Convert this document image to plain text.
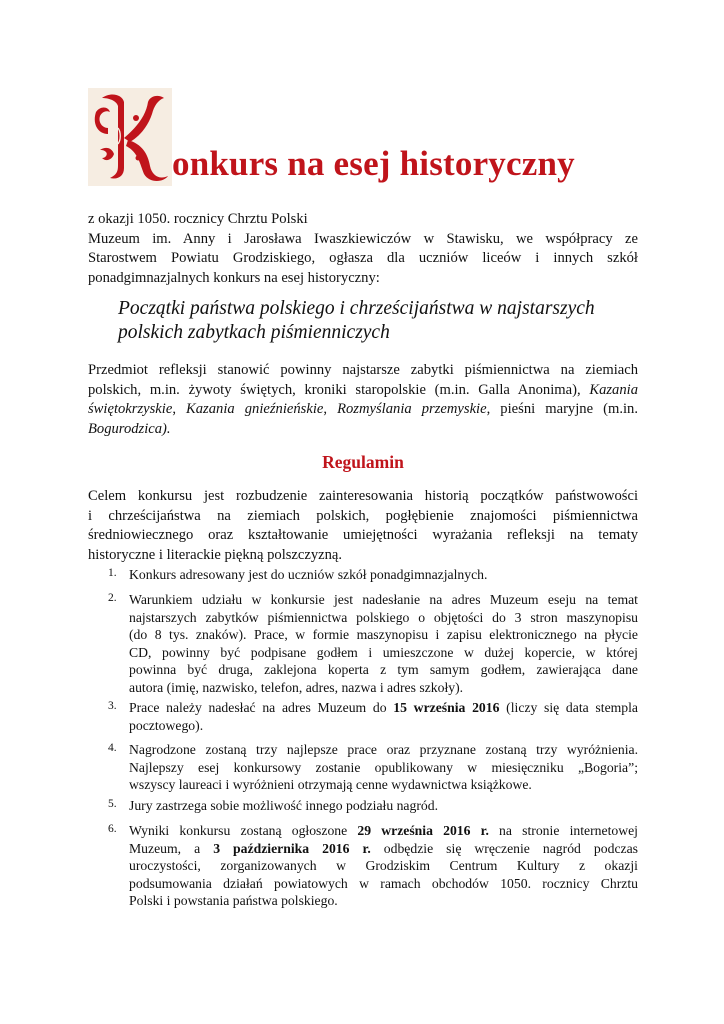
onkurs na esej historyczny
z okazji 1050. rocznicy Chrztu Polski
Muzeum im. Anny i Jarosława Iwaszkiewiczów w Stawisku, we współpracy ze
Starostwem Powiatu Grodziskiego, ogłasza dla uczniów liceów i innych szkół
ponadgimnazjalnych konkurs na esej historyczny:
Początki państwa polskiego i chrześcijaństwa w najstarszych
polskich zabytkach piśmienniczych
Przedmiot refleksji stanowić powinny najstarsze zabytki piśmiennictwa na ziemiach
polskich, m.in. żywoty świętych, kroniki staropolskie (m.in. Galla Anonima), Kazania
świętokrzyskie, Kazania gnieźnieńskie, Rozmyślania przemyskie, pieśni maryjne (m.in.
Bogurodzica).
Regulamin
Celem konkursu jest rozbudzenie zainteresowania historią początków państwowości
i chrześcijaństwa na ziemiach polskich, pogłębienie znajomości piśmiennictwa
średniowiecznego oraz kształtowanie umiejętności wyrażania refleksji na tematy
historyczne i literackie piękną polszczyzną.
1. Konkurs adresowany jest do uczniów szkół ponadgimnazjalnych.
2. Warunkiem udziału w konkursie jest nadesłanie na adres Muzeum eseju na temat
najstarszych zabytków piśmiennictwa polskiego o objętości do 3 stron maszynopisu
(do 8 tys. znaków). Prace, w formie maszynopisu i zapisu elektronicznego na płycie
CD, powinny być podpisane godłem i umieszczone w dużej kopercie, w której
powinna być druga, zaklejona koperta z tym samym godłem, zawierająca dane
autora (imię, nazwisko, telefon, adres, nazwa i adres szkoły).
3. Prace należy nadesłać na adres Muzeum do 15 września 2016 (liczy się data stempla
pocztowego).
4. Nagrodzone zostaną trzy najlepsze prace oraz przyznane zostaną trzy wyróżnienia.
Najlepszy esej konkursowy zostanie opublikowany w miesięczniku „Bogoria”;
wszyscy laureaci i wyróżnieni otrzymają cenne wydawnictwa książkowe.
5. Jury zastrzega sobie możliwość innego podziału nagród.
6. Wyniki konkursu zostaną ogłoszone 29 września 2016 r. na stronie internetowej
Muzeum, a 3 października 2016 r. odbędzie się wręczenie nagród podczas
uroczystości, zorganizowanych w Grodziskim Centrum Kultury z okazji
podsumowania działań powiatowych w ramach obchodów 1050. rocznicy Chrztu
Polski i powstania państwa polskiego.
